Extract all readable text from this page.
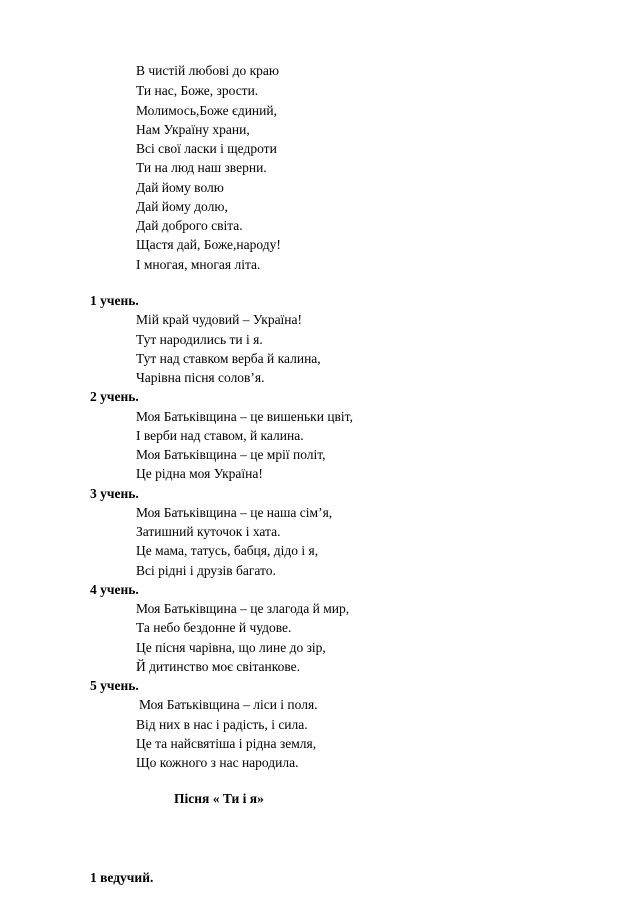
В чистій любові до краю
Ти нас, Боже, зрости.
Молимось,Боже єдиний,
Нам Україну храни,
Всі свої ласки і щедроти
Ти на люд наш зверни.
Дай йому волю
Дай йому долю,
Дай доброго світа.
Щастя дай, Боже,народу!
І многая, многая літа.
1 учень.
Мій край чудовий – Україна!
Тут народились ти і я.
Тут над ставком верба й калина,
Чарівна пісня солов’я.
2 учень.
Моя Батьківщина – це вишеньки цвіт,
І верби над ставом, й калина.
Моя Батьківщина – це мрії політ,
Це рідна моя Україна!
3 учень.
Моя Батьківщина – це наша сім’я,
Затишний куточок і хата.
Це мама, татусь, бабця, дідо і я,
Всі рідні і друзів багато.
4 учень.
Моя Батьківщина – це злагода й мир,
Та небо бездонне й чудове.
Це пісня чарівна, що лине до зір,
Й дитинство моє світанкове.
5 учень.
Моя Батьківщина – ліси і поля.
Від них в нас і радість, і сила.
Це та найсвятіша і рідна земля,
Що кожного з нас народила.
Пісня « Ти і я»
1 ведучий.
